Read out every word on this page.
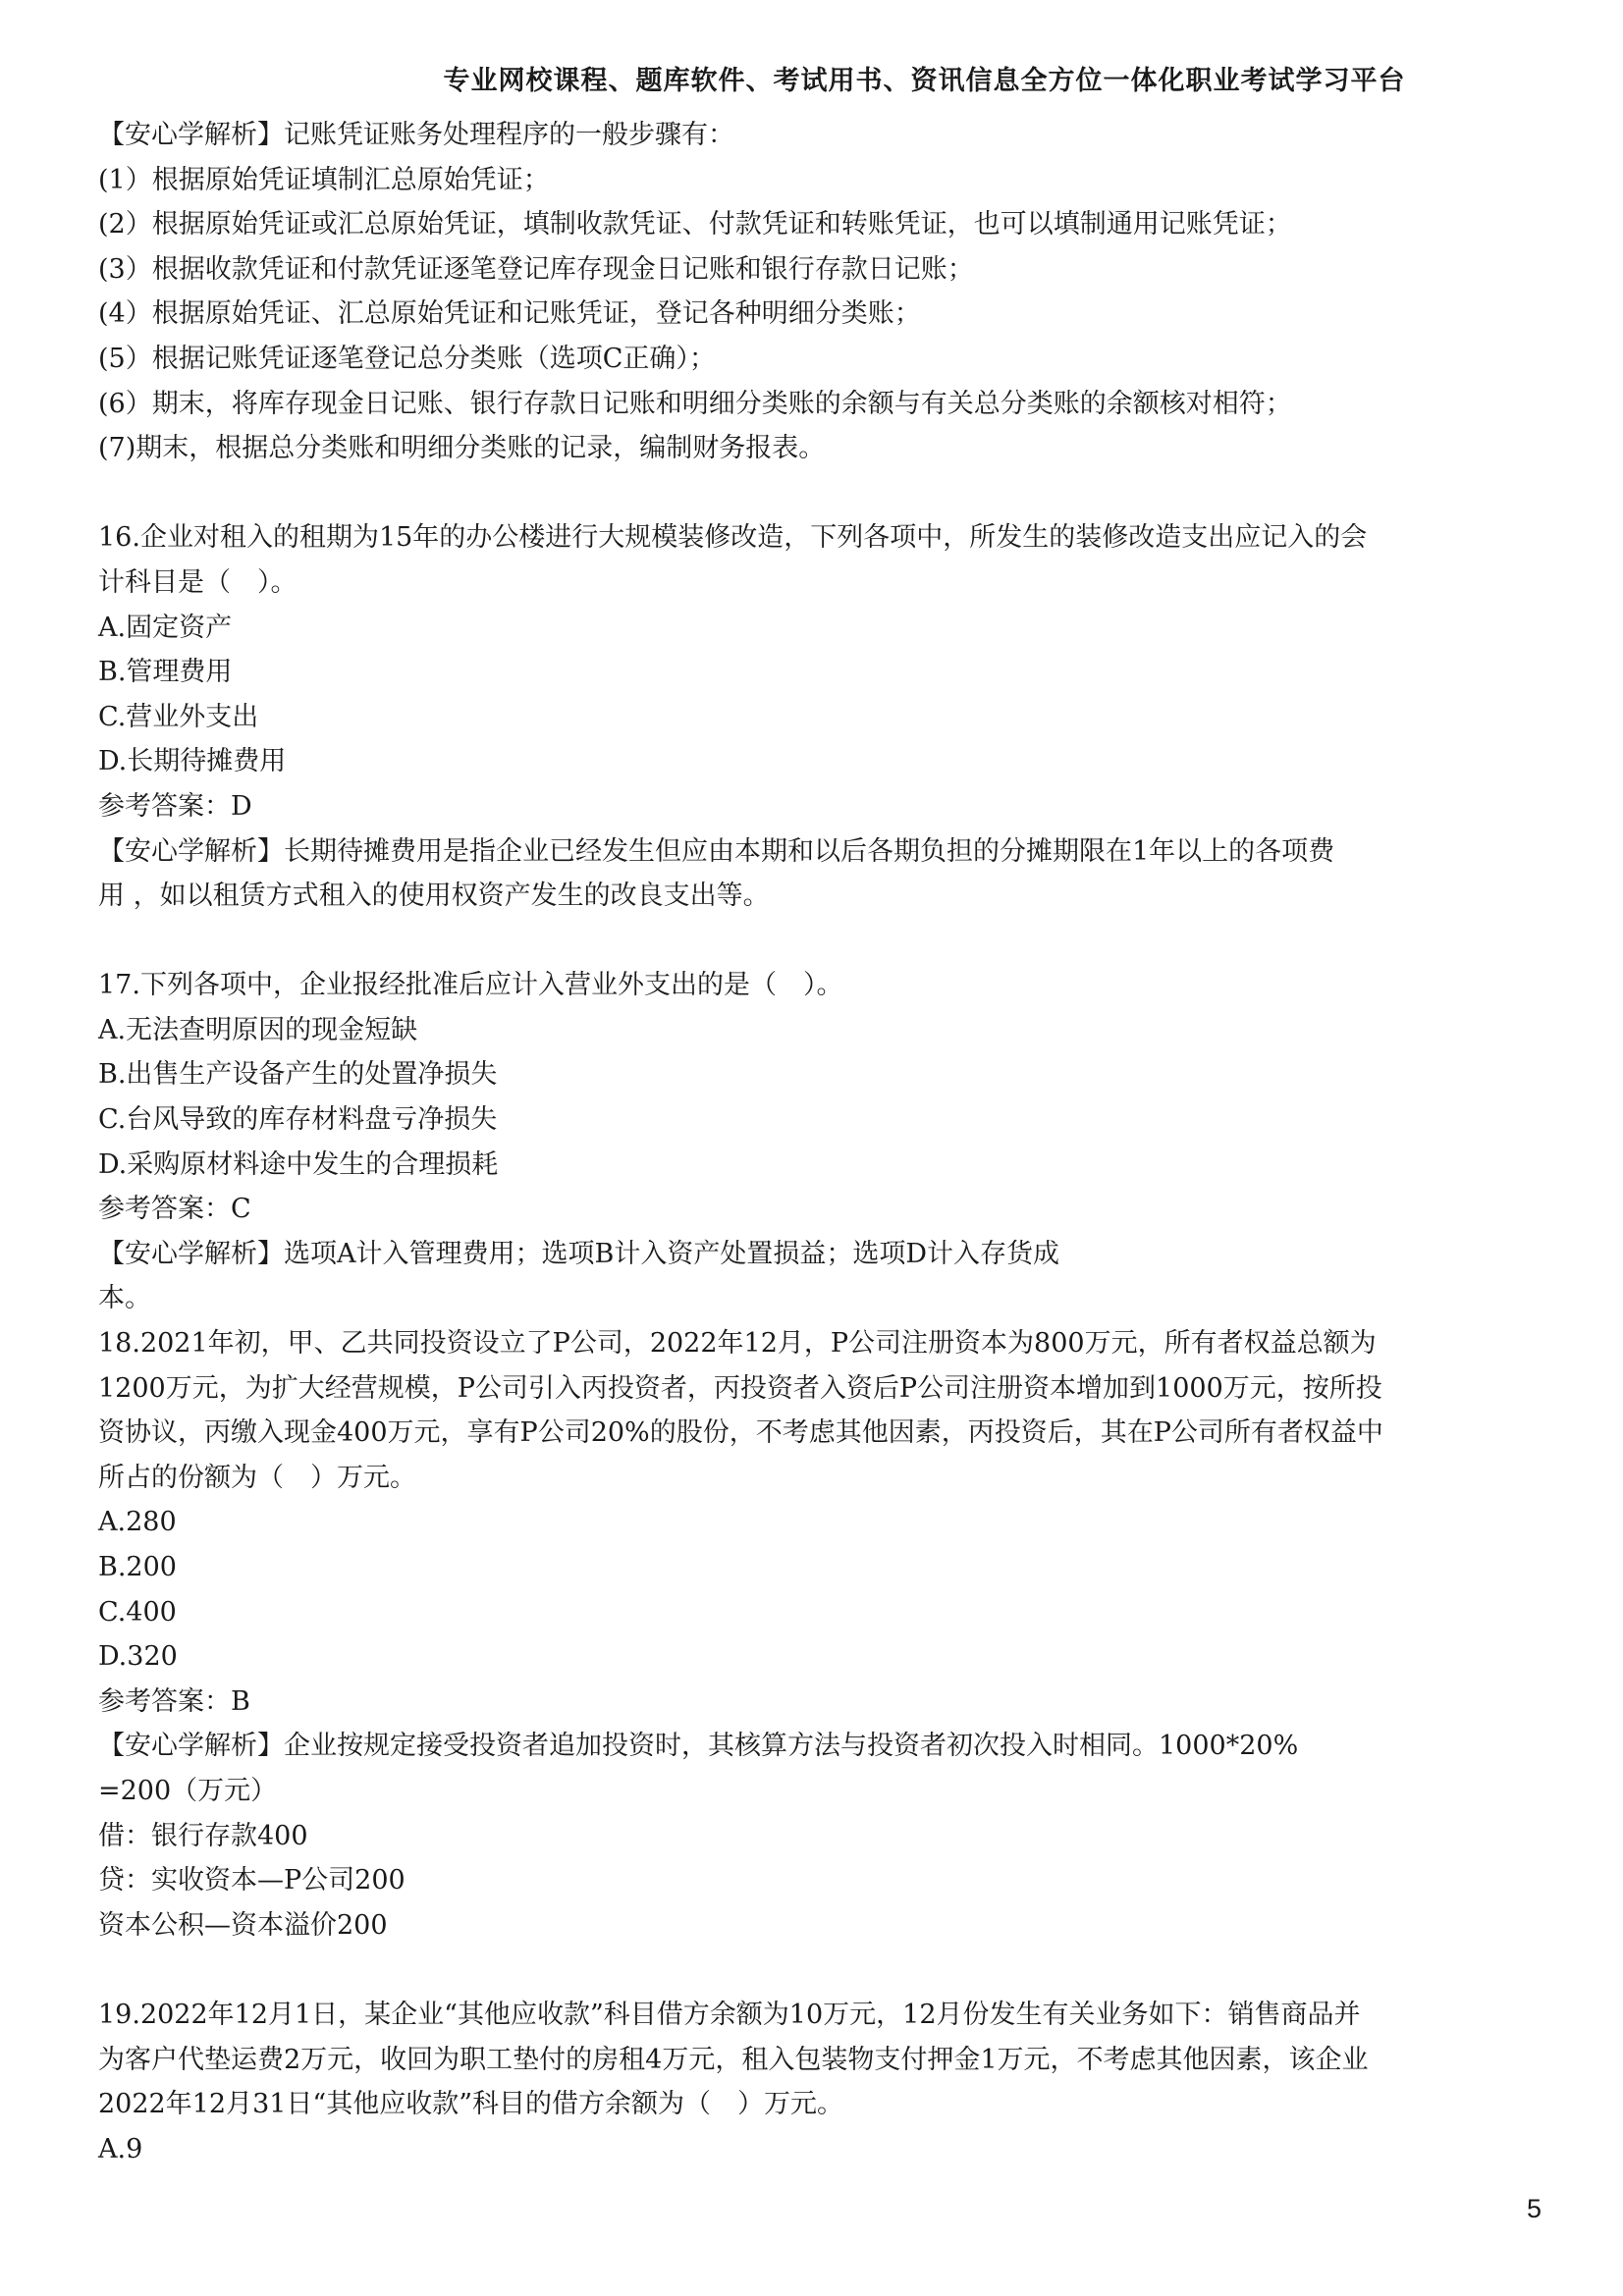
专业网校课程、题库软件、考试用书、资讯信息全方位一体化职业考试学习平台
【安心学解析】记账凭证账务处理程序的一般步骤有：
(1）根据原始凭证填制汇总原始凭证；
(2）根据原始凭证或汇总原始凭证，填制收款凭证、付款凭证和转账凭证，也可以填制通用记账凭证；
(3）根据收款凭证和付款凭证逐笔登记库存现金日记账和银行存款日记账；
(4）根据原始凭证、汇总原始凭证和记账凭证，登记各种明细分类账；
(5）根据记账凭证逐笔登记总分类账（选项C正确）；
(6）期末，将库存现金日记账、银行存款日记账和明细分类账的余额与有关总分类账的余额核对相符；
(7)期末，根据总分类账和明细分类账的记录，编制财务报表。
16.企业对租入的租期为15年的办公楼进行大规模装修改造，下列各项中，所发生的装修改造支出应记入的会
计科目是（　）。
A.固定资产
B.管理费用
C.营业外支出
D.长期待摊费用
参考答案：D
【安心学解析】长期待摊费用是指企业已经发生但应由本期和以后各期负担的分摊期限在1年以上的各项费
用 ，如以租赁方式租入的使用权资产发生的改良支出等。
17.下列各项中，企业报经批准后应计入营业外支出的是（　）。
A.无法查明原因的现金短缺
B.出售生产设备产生的处置净损失
C.台风导致的库存材料盘亏净损失
D.采购原材料途中发生的合理损耗
参考答案：C
【安心学解析】选项A计入管理费用；选项B计入资产处置损益；选项D计入存货成
本。
18.2021年初，甲、乙共同投资设立了P公司，2022年12月，P公司注册资本为800万元，所有者权益总额为
1200万元，为扩大经营规模，P公司引入丙投资者，丙投资者入资后P公司注册资本增加到1000万元，按所投
资协议，丙缴入现金400万元，享有P公司20%的股份，不考虑其他因素，丙投资后，其在P公司所有者权益中
所占的份额为（　）万元。
A.280
B.200
C.400
D.320
参考答案：B
【安心学解析】企业按规定接受投资者追加投资时，其核算方法与投资者初次投入时相同。1000*20%
=200（万元）
借：银行存款400
贷：实收资本—P公司200
资本公积—资本溢价200
19.2022年12月1日，某企业“其他应收款”科目借方余额为10万元，12月份发生有关业务如下：销售商品并
为客户代垫运费2万元，收回为职工垫付的房租4万元，租入包装物支付押金1万元，不考虑其他因素，该企业
2022年12月31日“其他应收款”科目的借方余额为（　）万元。
A.9
5
